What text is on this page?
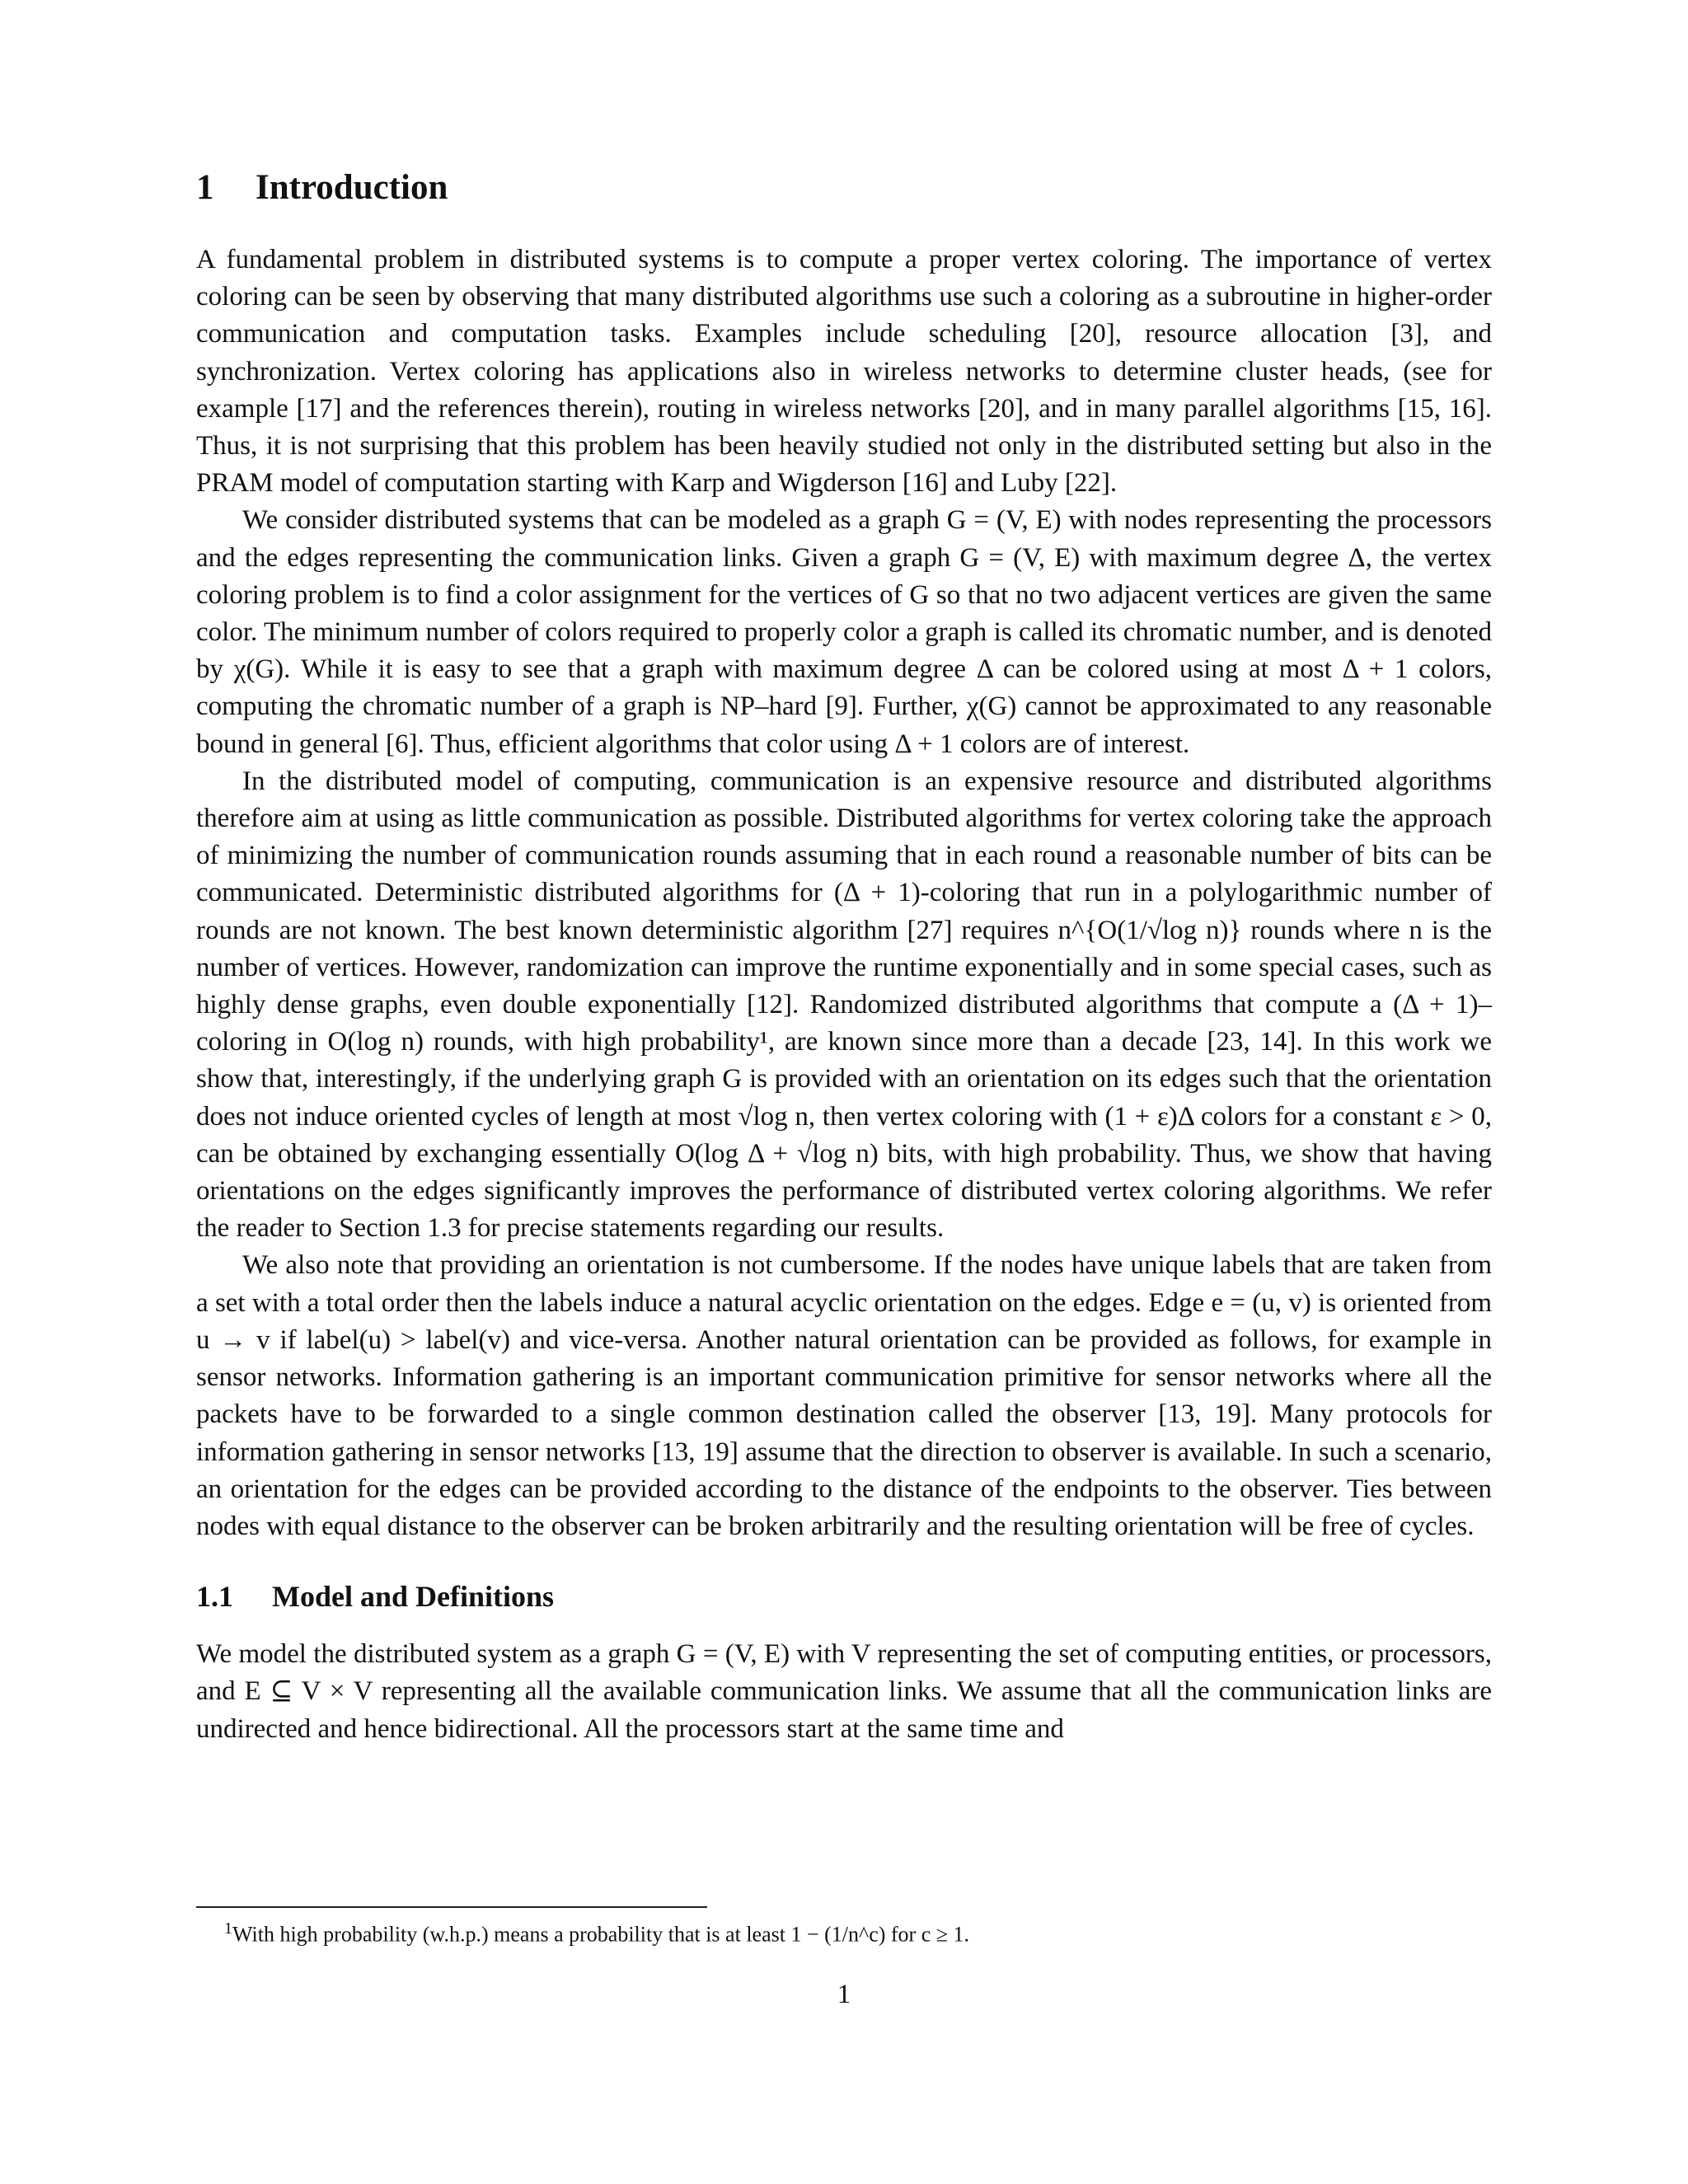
1 Introduction

A fundamental problem in distributed systems is to compute a proper vertex coloring. The importance of vertex coloring can be seen by observing that many distributed algorithms use such a coloring as a subroutine in higher-order communication and computation tasks. Examples include scheduling [20], resource allocation [3], and synchronization. Vertex coloring has applications also in wireless networks to determine cluster heads, (see for example [17] and the references therein), routing in wireless networks [20], and in many parallel algorithms [15, 16]. Thus, it is not surprising that this problem has been heavily studied not only in the distributed setting but also in the PRAM model of computation starting with Karp and Wigderson [16] and Luby [22].

We consider distributed systems that can be modeled as a graph G = (V, E) with nodes representing the processors and the edges representing the communication links. Given a graph G = (V, E) with maximum degree Δ, the vertex coloring problem is to find a color assignment for the vertices of G so that no two adjacent vertices are given the same color. The minimum number of colors required to properly color a graph is called its chromatic number, and is denoted by χ(G). While it is easy to see that a graph with maximum degree Δ can be colored using at most Δ + 1 colors, computing the chromatic number of a graph is NP–hard [9]. Further, χ(G) cannot be approximated to any reasonable bound in general [6]. Thus, efficient algorithms that color using Δ + 1 colors are of interest.

In the distributed model of computing, communication is an expensive resource and distributed algorithms therefore aim at using as little communication as possible. Distributed algorithms for vertex coloring take the approach of minimizing the number of communication rounds assuming that in each round a reasonable number of bits can be communicated. Deterministic distributed algorithms for (Δ + 1)-coloring that run in a polylogarithmic number of rounds are not known. The best known deterministic algorithm [27] requires n^{O(1/√log n)} rounds where n is the number of vertices. However, randomization can improve the runtime exponentially and in some special cases, such as highly dense graphs, even double exponentially [12]. Randomized distributed algorithms that compute a (Δ + 1)–coloring in O(log n) rounds, with high probability¹, are known since more than a decade [23, 14]. In this work we show that, interestingly, if the underlying graph G is provided with an orientation on its edges such that the orientation does not induce oriented cycles of length at most √log n, then vertex coloring with (1 + ε)Δ colors for a constant ε > 0, can be obtained by exchanging essentially O(log Δ + √log n) bits, with high probability. Thus, we show that having orientations on the edges significantly improves the performance of distributed vertex coloring algorithms. We refer the reader to Section 1.3 for precise statements regarding our results.

We also note that providing an orientation is not cumbersome. If the nodes have unique labels that are taken from a set with a total order then the labels induce a natural acyclic orientation on the edges. Edge e = (u, v) is oriented from u → v if label(u) > label(v) and vice-versa. Another natural orientation can be provided as follows, for example in sensor networks. Information gathering is an important communication primitive for sensor networks where all the packets have to be forwarded to a single common destination called the observer [13, 19]. Many protocols for information gathering in sensor networks [13, 19] assume that the direction to observer is available. In such a scenario, an orientation for the edges can be provided according to the distance of the endpoints to the observer. Ties between nodes with equal distance to the observer can be broken arbitrarily and the resulting orientation will be free of cycles.

1.1 Model and Definitions

We model the distributed system as a graph G = (V, E) with V representing the set of computing entities, or processors, and E ⊆ V × V representing all the available communication links. We assume that all the communication links are undirected and hence bidirectional. All the processors start at the same time and

$^1$With high probability (w.h.p.) means a probability that is at least 1 − (1/n^c) for c ≥ 1.
1
